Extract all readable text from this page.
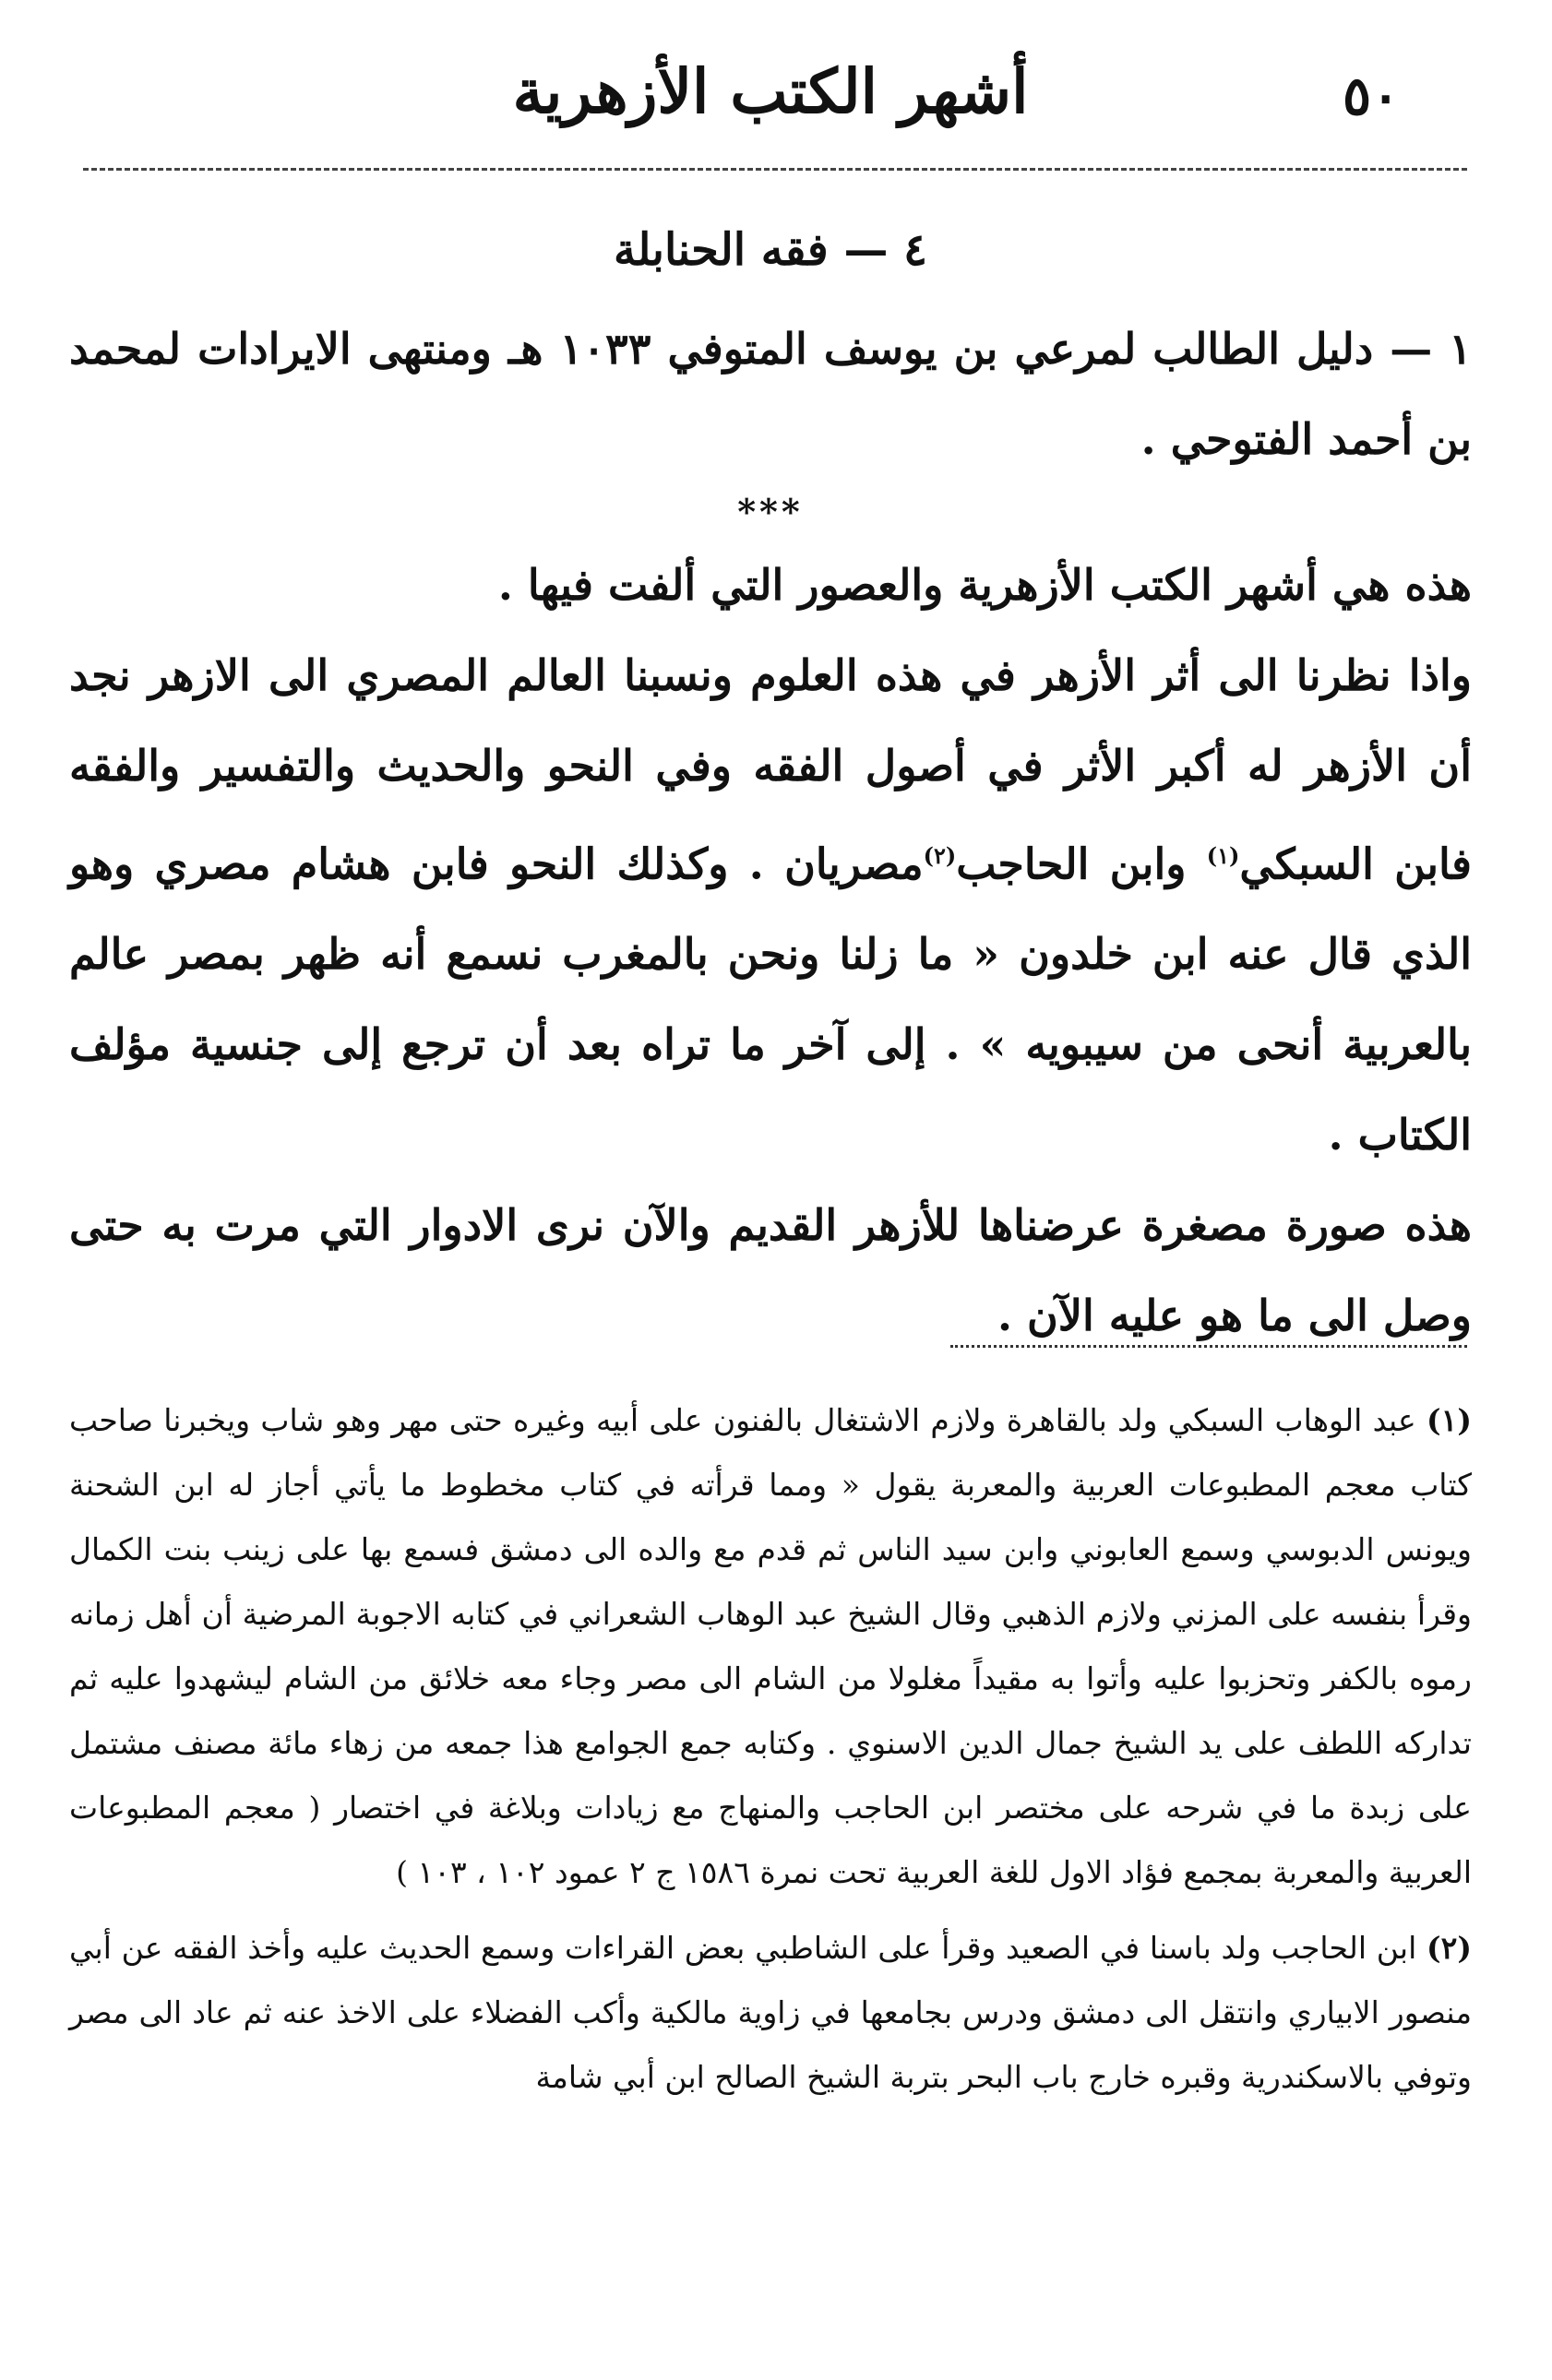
أشهر الكتب الأزهرية	٥٠
٤ — فقه الحنابلة

١ — دليل الطالب لمرعي بن يوسف المتوفي ١٠٣٣ هـ ومنتهى الايرادات لمحمد بن أحمد الفتوحي .

***

هذه هي أشهر الكتب الأزهرية والعصور التي ألفت فيها .

واذا نظرنا الى أثر الأزهر في هذه العلوم ونسبنا العالم المصري الى الازهر نجد أن الأزهر له أكبر الأثر في أصول الفقه وفي النحو والحديث والتفسير والفقه فابن السبكي$^{(١)}$ وابن الحاجب$^{(٢)}$مصريان . وكذلك النحو فابن هشام مصري وهو الذي قال عنه ابن خلدون « ما زلنا ونحن بالمغرب نسمع أنه ظهر بمصر عالم بالعربية أنحى من سيبويه » . إلى آخر ما تراه بعد أن ترجع إلى جنسية مؤلف الكتاب .

هذه صورة مصغرة عرضناها للأزهر القديم والآن نرى الادوار التي مرت به حتى وصل الى ما هو عليه الآن .

(١) عبد الوهاب السبكي ولد بالقاهرة ولازم الاشتغال بالفنون على أبيه وغيره حتى مهر وهو شاب ويخبرنا صاحب كتاب معجم المطبوعات العربية والمعربة يقول « ومما قرأته في كتاب مخطوط ما يأتي أجاز له ابن الشحنة ويونس الدبوسي وسمع العابوني وابن سيد الناس ثم قدم مع والده الى دمشق فسمع بها على زينب بنت الكمال وقرأ بنفسه على المزني ولازم الذهبي وقال الشيخ عبد الوهاب الشعراني في كتابه الاجوبة المرضية أن أهل زمانه رموه بالكفر وتحزبوا عليه وأتوا به مقيداً مغلولا من الشام الى مصر وجاء معه خلائق من الشام ليشهدوا عليه ثم تداركه اللطف على يد الشيخ جمال الدين الاسنوي . وكتابه جمع الجوامع هذا جمعه من زهاء مائة مصنف مشتمل على زبدة ما في شرحه على مختصر ابن الحاجب والمنهاج مع زيادات وبلاغة في اختصار ( معجم المطبوعات العربية والمعربة بمجمع فؤاد الاول للغة العربية تحت نمرة ١٥٨٦ ج ٢ عمود ١٠٢ ، ١٠٣ )

(٢) ابن الحاجب ولد باسنا في الصعيد وقرأ على الشاطبي بعض القراءات وسمع الحديث عليه وأخذ الفقه عن أبي منصور الابياري وانتقل الى دمشق ودرس بجامعها في زاوية مالكية وأكب الفضلاء على الاخذ عنه ثم عاد الى مصر وتوفي بالاسكندرية وقبره خارج باب البحر بتربة الشيخ الصالح ابن أبي شامة
